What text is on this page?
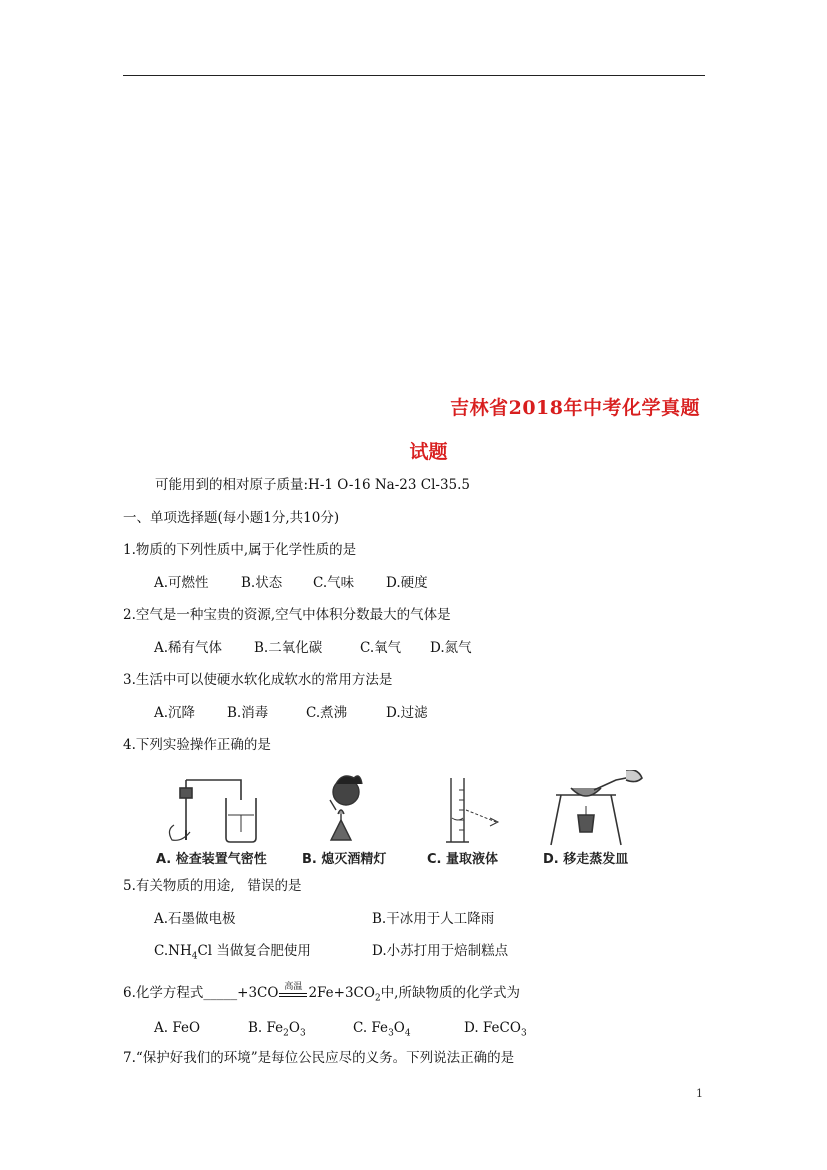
吉林省2018年中考化学真题
试题
可能用到的相对原子质量:H-1 O-16 Na-23 Cl-35.5
一、单项选择题(每小题1分,共10分)
1.物质的下列性质中,属于化学性质的是
A.可燃性 B.状态 C.气味 D.硬度
2.空气是一种宝贵的资源,空气中体积分数最大的气体是
A.稀有气体 B.二氧化碳	C.氧气 D.氮气
3.生活中可以使硬水软化成软水的常用方法是
A.沉降 B.消毒	C.煮沸	D.过滤
4.下列实验操作正确的是
A. 检查装置气密性	B. 熄灭酒精灯	C. 量取液体	D. 移走蒸发皿
5.有关物质的用途, 错误的是
A.石墨做电极	B.干冰用于人工降雨
$C.NH_4Cl$ 当做复合肥使用	D.小苏打用于焙制糕点
6.化学方程式_____+3CO 高温 $2Fe+3CO_2$中,所缺物质的化学式为
A. FeO	B. $Fe_2O_3$	C. $Fe_3O_4$	D. FeCO$_3$
7.“保护好我们的环境”是每位公民应尽的义务。下列说法正确的是
1
